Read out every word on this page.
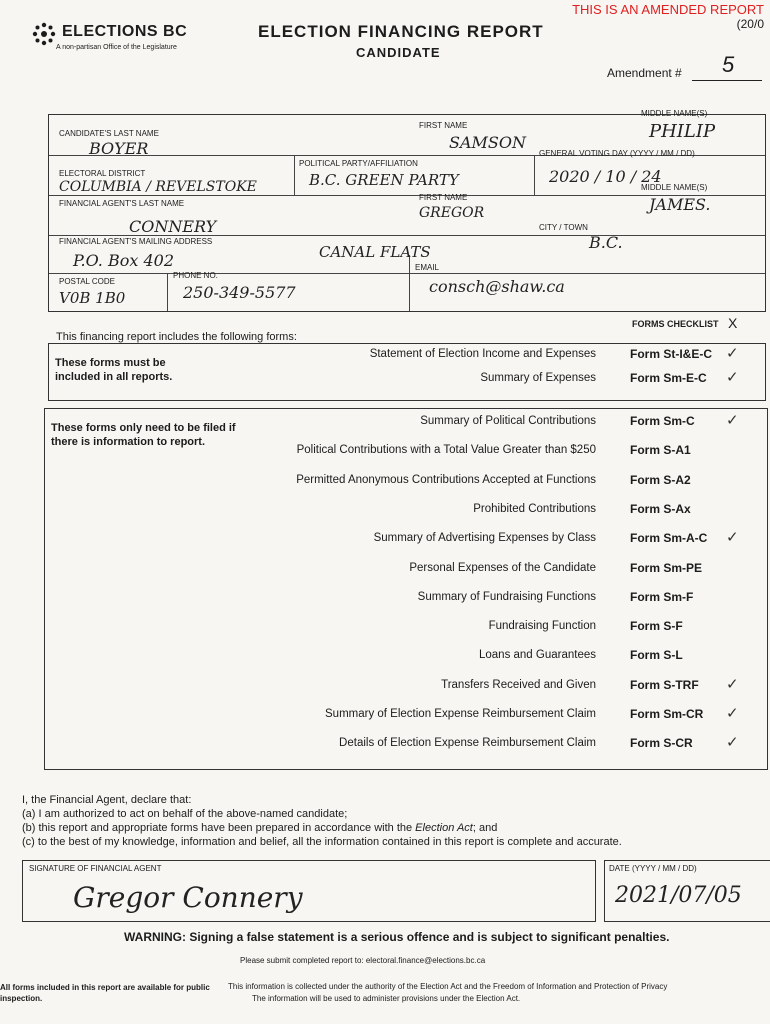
THIS IS AN AMENDED REPORT
(20/0
ELECTIONS BC
A non-partisan Office of the Legislature
ELECTION FINANCING REPORT
CANDIDATE
Amendment # 5
CANDIDATE'S LAST NAME
BOYER
FIRST NAME
SAMSON
MIDDLE NAME(S)
PHILIP
ELECTORAL DISTRICT
COLUMBIA / REVELSTOKE
POLITICAL PARTY/AFFILIATION
B.C. GREEN PARTY
GENERAL VOTING DAY (YYYY / MM / DD)
2020 / 10 / 24
FINANCIAL AGENT'S LAST NAME
CONNERY
FIRST NAME
GREGOR
MIDDLE NAME(S)
JAMES.
FINANCIAL AGENT'S MAILING ADDRESS
P.O. Box 402
CITY / TOWN
CANAL FLATS	B.C.
POSTAL CODE
V0B 1B0
PHONE NO.
250-349-5577
EMAIL
consch@shaw.ca
This financing report includes the following forms:
FORMS CHECKLIST X
These forms must be included in all reports.
These forms only need to be filed if there is information to report.
Statement of Election Income and Expenses	Form St-I&E-C ✓
Summary of Expenses	Form Sm-E-C ✓
Summary of Political Contributions	Form Sm-C ✓
Political Contributions with a Total Value Greater than $250	Form S-A1
Permitted Anonymous Contributions Accepted at Functions	Form S-A2
Prohibited Contributions	Form S-Ax
Summary of Advertising Expenses by Class	Form Sm-A-C ✓
Personal Expenses of the Candidate	Form Sm-PE
Summary of Fundraising Functions	Form Sm-F
Fundraising Function	Form S-F
Loans and Guarantees	Form S-L
Transfers Received and Given	Form S-TRF ✓
Summary of Election Expense Reimbursement Claim	Form Sm-CR ✓
Details of Election Expense Reimbursement Claim	Form S-CR ✓
I, the Financial Agent, declare that:
(a) I am authorized to act on behalf of the above-named candidate;
(b) this report and appropriate forms have been prepared in accordance with the Election Act; and
(c) to the best of my knowledge, information and belief, all the information contained in this report is complete and accurate.
SIGNATURE OF FINANCIAL AGENT
Gregor Connery
DATE (YYYY / MM / DD)
2021/07/05
WARNING: Signing a false statement is a serious offence and is subject to significant penalties.
Please submit completed report to: electoral.finance@elections.bc.ca
All forms included in this report are available for public inspection.
This information is collected under the authority of the Election Act and the Freedom of Information and Protection of Privacy
The information will be used to administer provisions under the Election Act.
